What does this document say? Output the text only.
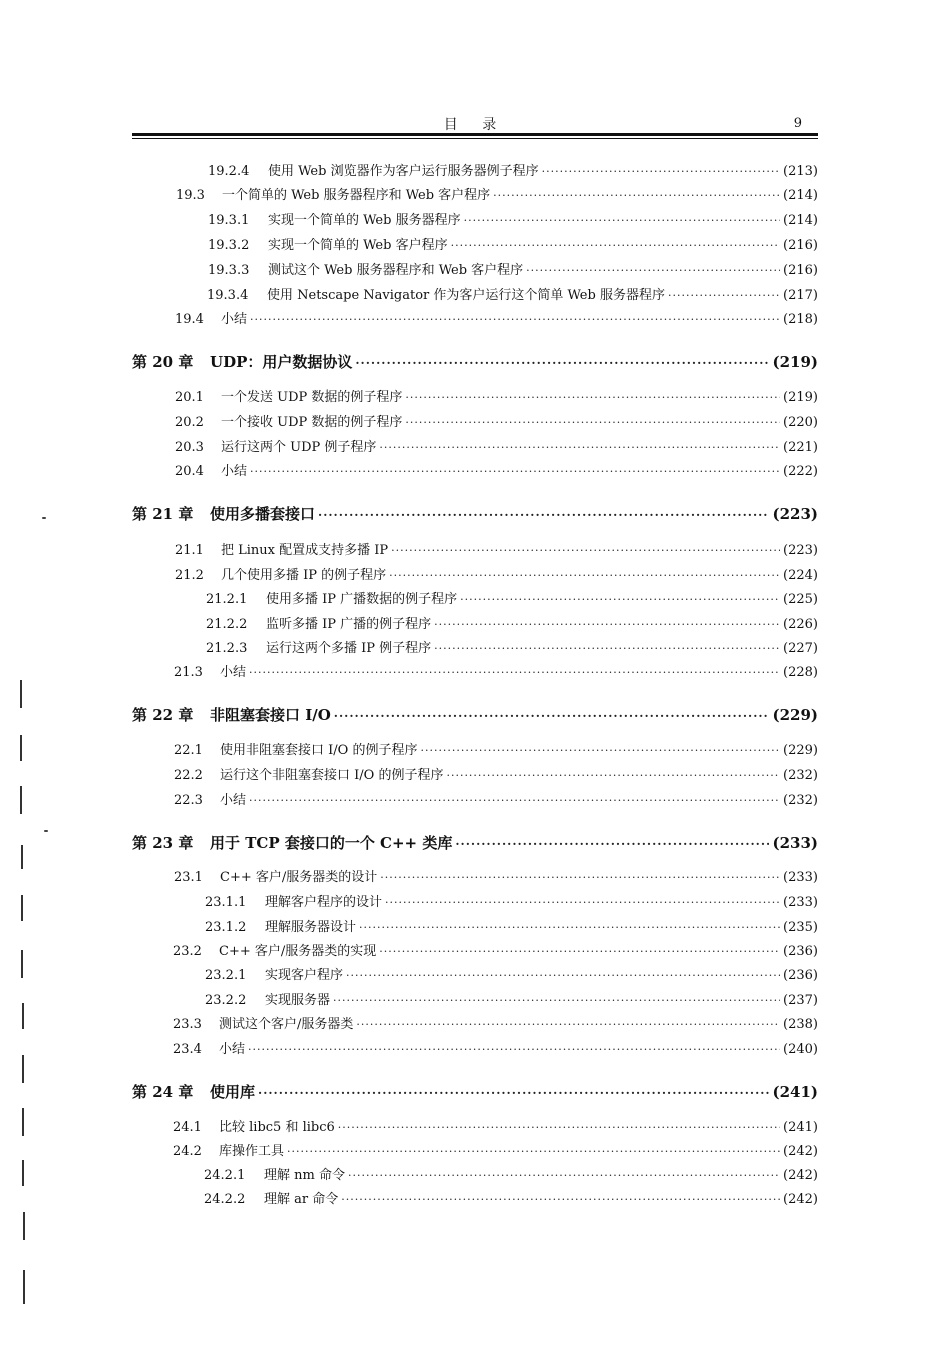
目 录	9
19.2.4	使用 Web 浏览器作为客户运行服务器例子程序 ·····	(213)
19.3	一个简单的 Web 服务器程序和 Web 客户程序 ·····	(214)
19.3.1	实现一个简单的 Web 服务器程序 ·····	(214)
19.3.2	实现一个简单的 Web 客户程序 ·····	(216)
19.3.3	测试这个 Web 服务器程序和 Web 客户程序 ·····	(216)
19.3.4	使用 Netscape Navigator 作为客户运行这个简单 Web 服务器程序 ·····	(217)
19.4	小结 ·····	(218)
第 20 章	UDP：用户数据协议 ·····	(219)
20.1	一个发送 UDP 数据的例子程序 ·····	(219)
20.2	一个接收 UDP 数据的例子程序 ·····	(220)
20.3	运行这两个 UDP 例子程序 ·····	(221)
20.4	小结 ·····	(222)
第 21 章	使用多播套接口 ·····	(223)
21.1	把 Linux 配置成支持多播 IP ·····	(223)
21.2	几个使用多播 IP 的例子程序 ·····	(224)
21.2.1	使用多播 IP 广播数据的例子程序 ·····	(225)
21.2.2	监听多播 IP 广播的例子程序 ·····	(226)
21.2.3	运行这两个多播 IP 例子程序 ·····	(227)
21.3	小结 ·····	(228)
第 22 章	非阻塞套接口 I/O ·····	(229)
22.1	使用非阻塞套接口 I/O 的例子程序 ·····	(229)
22.2	运行这个非阻塞套接口 I/O 的例子程序 ·····	(232)
22.3	小结 ·····	(232)
第 23 章	用于 TCP 套接口的一个 C++ 类库 ·····	(233)
23.1	C++ 客户/服务器类的设计 ·····	(233)
23.1.1	理解客户程序的设计 ·····	(233)
23.1.2	理解服务器设计 ·····	(235)
23.2	C++ 客户/服务器类的实现 ·····	(236)
23.2.1	实现客户程序 ·····	(236)
23.2.2	实现服务器 ·····	(237)
23.3	测试这个客户/服务器类 ·····	(238)
23.4	小结 ·····	(240)
第 24 章	使用库 ·····	(241)
24.1	比较 libc5 和 libc6 ·····	(241)
24.2	库操作工具 ·····	(242)
24.2.1	理解 nm 命令 ·····	(242)
24.2.2	理解 ar 命令 ·····	(242)
